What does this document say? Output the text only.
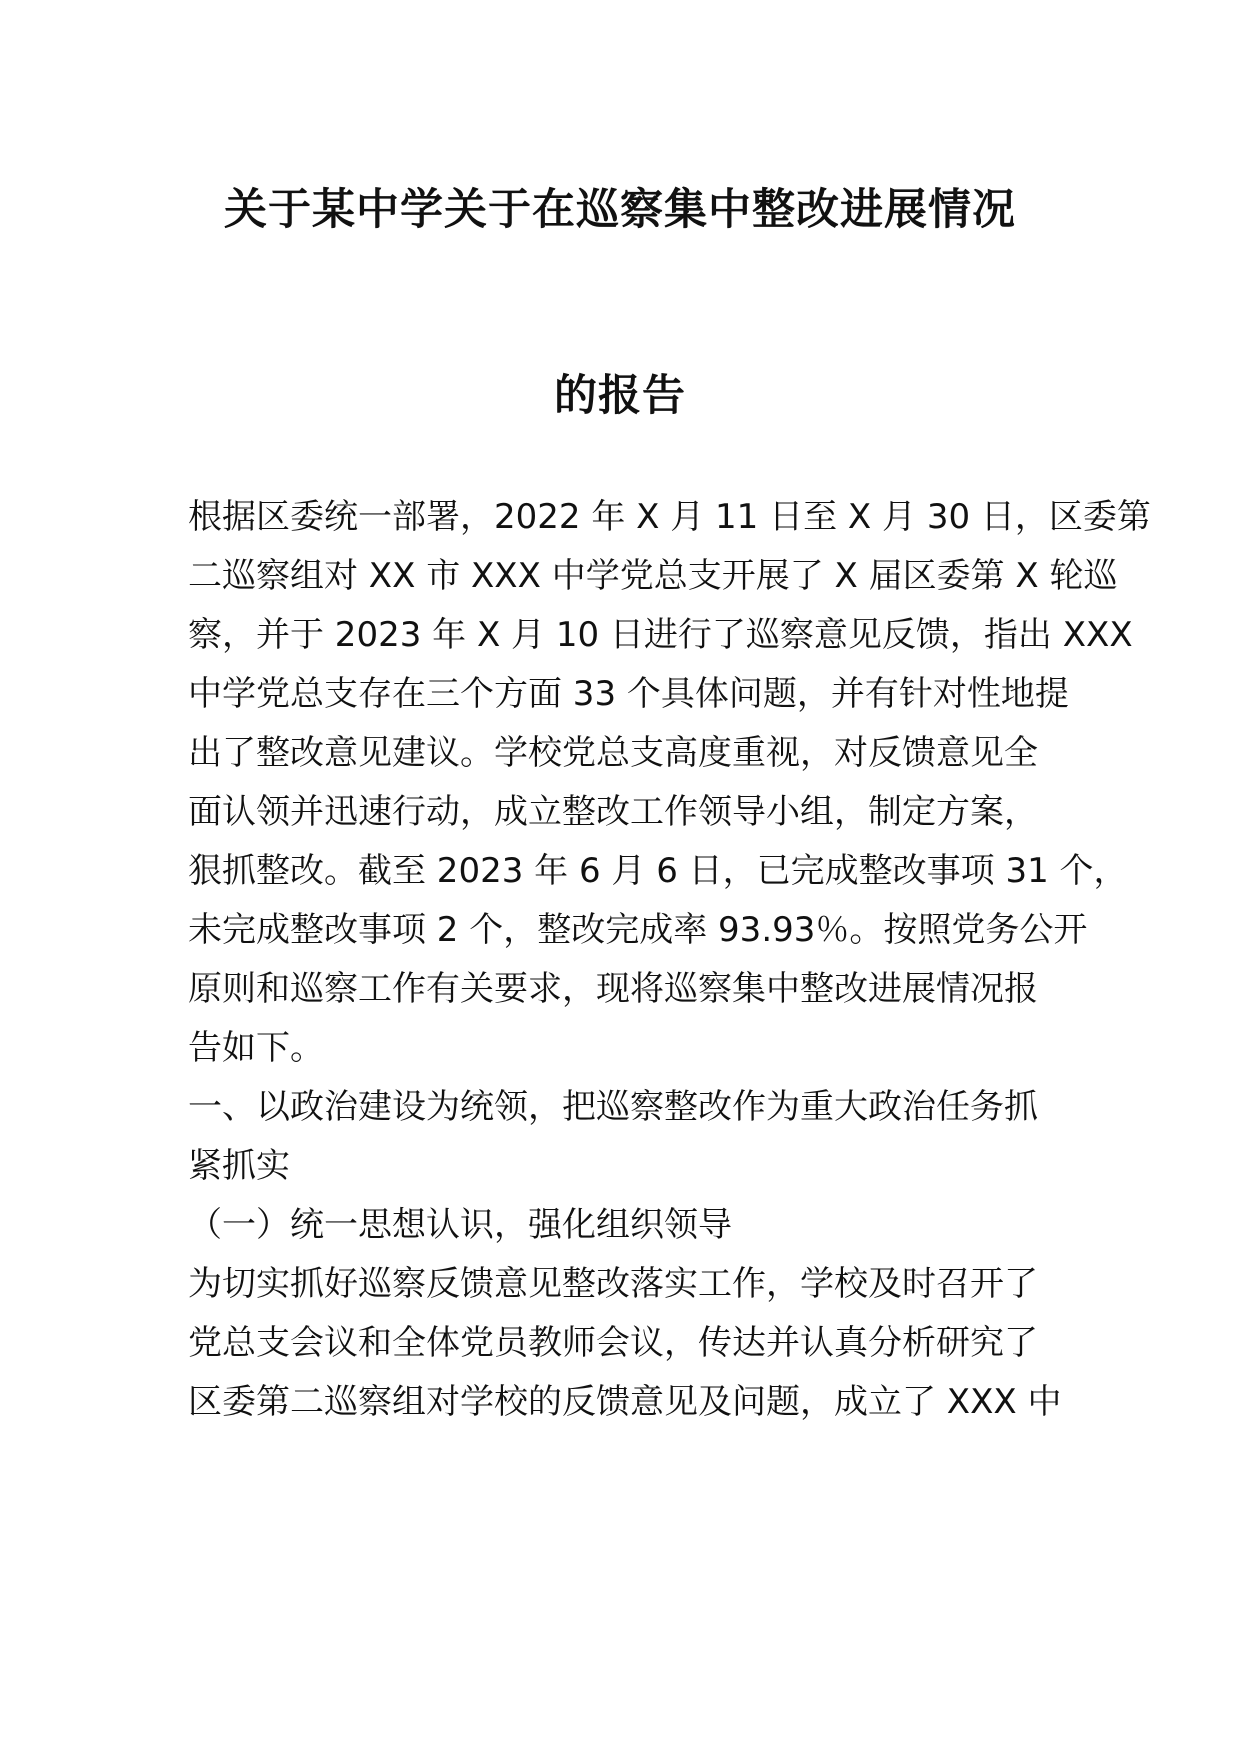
关于某中学关于在巡察集中整改进展情况
的报告
根据区委统一部署，2022 年 X 月 11 日至 X 月 30 日，区委第
二巡察组对 XX 市 XXX 中学党总支开展了 X 届区委第 X 轮巡
察，并于 2023 年 X 月 10 日进行了巡察意见反馈，指出 XXX
中学党总支存在三个方面 33 个具体问题，并有针对性地提
出了整改意见建议。学校党总支高度重视，对反馈意见全
面认领并迅速行动，成立整改工作领导小组，制定方案，
狠抓整改。截至 2023 年 6 月 6 日，已完成整改事项 31 个，
未完成整改事项 2 个，整改完成率 93.93％。按照党务公开
原则和巡察工作有关要求，现将巡察集中整改进展情况报
告如下。
一、以政治建设为统领，把巡察整改作为重大政治任务抓
紧抓实
（一）统一思想认识，强化组织领导
为切实抓好巡察反馈意见整改落实工作，学校及时召开了
党总支会议和全体党员教师会议，传达并认真分析研究了
区委第二巡察组对学校的反馈意见及问题，成立了 XXX 中
